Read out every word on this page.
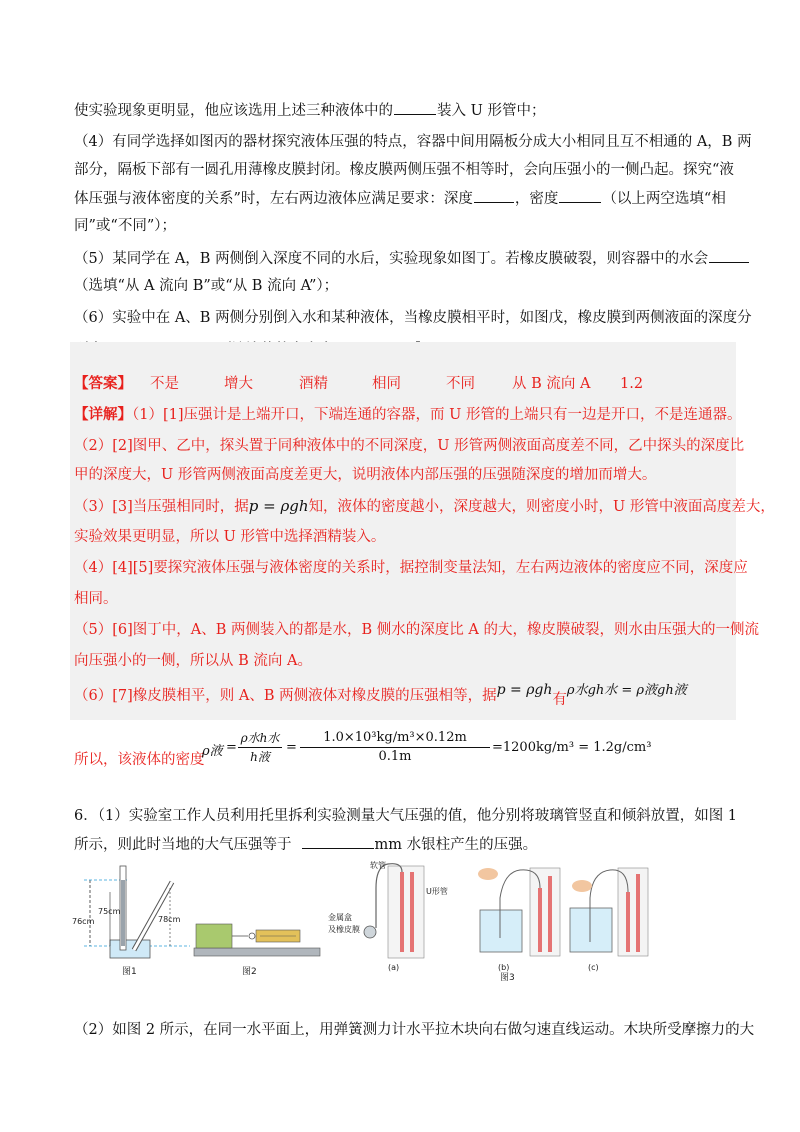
使实验现象更明显，他应该选用上述三种液体中的	装入 U 形管中；
（4）有同学选择如图丙的器材探究液体压强的特点，容器中间用隔板分成大小相同且互不相通的 A，B 两
部分，隔板下部有一圆孔用薄橡皮膜封闭。橡皮膜两侧压强不相等时，会向压强小的一侧凸起。探究“液
体压强与液体密度的关系”时，左右两边液体应满足要求：深度	，密度	（以上两空选填“相
同”或“不同”）；
（5）某同学在 A，B 两侧倒入深度不同的水后，实验现象如图丁。若橡皮膜破裂，则容器中的水会
（选填“从 A 流向 B”或“从 B 流向 A”）；
（6）实验中在 A、B 两侧分别倒入水和某种液体，当橡皮膜相平时，如图戊，橡皮膜到两侧液面的深度分
【答案】 不是	增大	酒精	相同	不同	从 B 流向 A 1.2
【详解】（1）[1]压强计是上端开口，下端连通的容器，而 U 形管的上端只有一边是开口，不是连通器。
（2）[2]图甲、乙中，探头置于同种液体中的不同深度，U 形管两侧液面高度差不同，乙中探头的深度比
甲的深度大，U 形管两侧液面高度差更大，说明液体内部压强的压强随深度的增加而增大。
（3）[3]当压强相同时，据p = ρgh知，液体的密度越小，深度越大，则密度小时，U 形管中液面高度差大，
实验效果更明显，所以 U 形管中选择酒精装入。
（4）[4][5]要探究液体压强与液体密度的关系时，据控制变量法知，左右两边液体的密度应不同，深度应
相同。
（5）[6]图丁中，A、B 两侧装入的都是水，B 侧水的深度比 A 的大，橡皮膜破裂，则水由压强大的一侧流
向压强小的一侧，所以从 B 流向 A。
（6）[7]橡皮膜相平，则 A、B 两侧液体对橡皮膜的压强相等，据p = ρgh有ρ水gh水 = ρ液gh液
所以，该液体的密度
ρ液 =
ρ水h水
h液
=
1.0×10³kg/m³×0.12m
0.1m
=1200kg/m³ = 1.2g/cm³
6．（1）实验室工作人员利用托里拆利实验测量大气压强的值，他分别将玻璃管竖直和倾斜放置，如图 1
所示，则此时当地的大气压强等于	mm 水银柱产生的压强。
76cm
75cm
78cm
图1	图2
软管
U形管
金属盒
及橡皮膜
(a)	(b)
图3
(c)
（2）如图 2 所示，在同一水平面上，用弹簧测力计水平拉木块向右做匀速直线运动。木块所受摩擦力的大
